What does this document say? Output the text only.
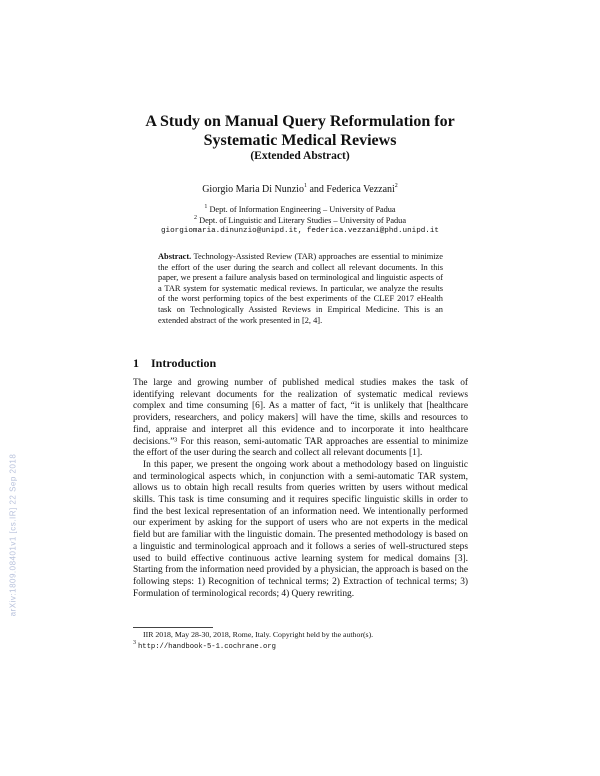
arXiv:1809.08401v1 [cs.IR] 22 Sep 2018
A Study on Manual Query Reformulation for
Systematic Medical Reviews
(Extended Abstract)
Giorgio Maria Di Nunzio$^1$ and Federica Vezzani$^2$
$^1$ Dept. of Information Engineering – University of Padua
$^2$ Dept. of Linguistic and Literary Studies – University of Padua
giorgiomaria.dinunzio@unipd.it, federica.vezzani@phd.unipd.it
Abstract. Technology-Assisted Review (TAR) approaches are essential to minimize the effort of the user during the search and collect all relevant documents. In this paper, we present a failure analysis based on terminological and linguistic aspects of a TAR system for systematic medical reviews. In particular, we analyze the results of the worst performing topics of the best experiments of the CLEF 2017 eHealth task on Technologically Assisted Reviews in Empirical Medicine. This is an extended abstract of the work presented in [2, 4].
1 Introduction

The large and growing number of published medical studies makes the task of identifying relevant documents for the realization of systematic medical reviews complex and time consuming [6]. As a matter of fact, “it is unlikely that [healthcare providers, researchers, and policy makers] will have the time, skills and resources to find, appraise and interpret all this evidence and to incorporate it into healthcare decisions.”³ For this reason, semi-automatic TAR approaches are essential to minimize the effort of the user during the search and collect all relevant documents [1].

In this paper, we present the ongoing work about a methodology based on linguistic and terminological aspects which, in conjunction with a semi-automatic TAR system, allows us to obtain high recall results from queries written by users without medical skills. This task is time consuming and it requires specific linguistic skills in order to find the best lexical representation of an information need. We intentionally performed our experiment by asking for the support of users who are not experts in the medical field but are familiar with the linguistic domain. The presented methodology is based on a linguistic and terminological approach and it follows a series of well-structured steps used to build effective continuous active learning system for medical domains [3]. Starting from the information need provided by a physician, the approach is based on the following steps: 1) Recognition of technical terms; 2) Extraction of technical terms; 3) Formulation of terminological records; 4) Query rewriting.

IIR 2018, May 28-30, 2018, Rome, Italy. Copyright held by the author(s).
$^3$ http://handbook-5-1.cochrane.org
